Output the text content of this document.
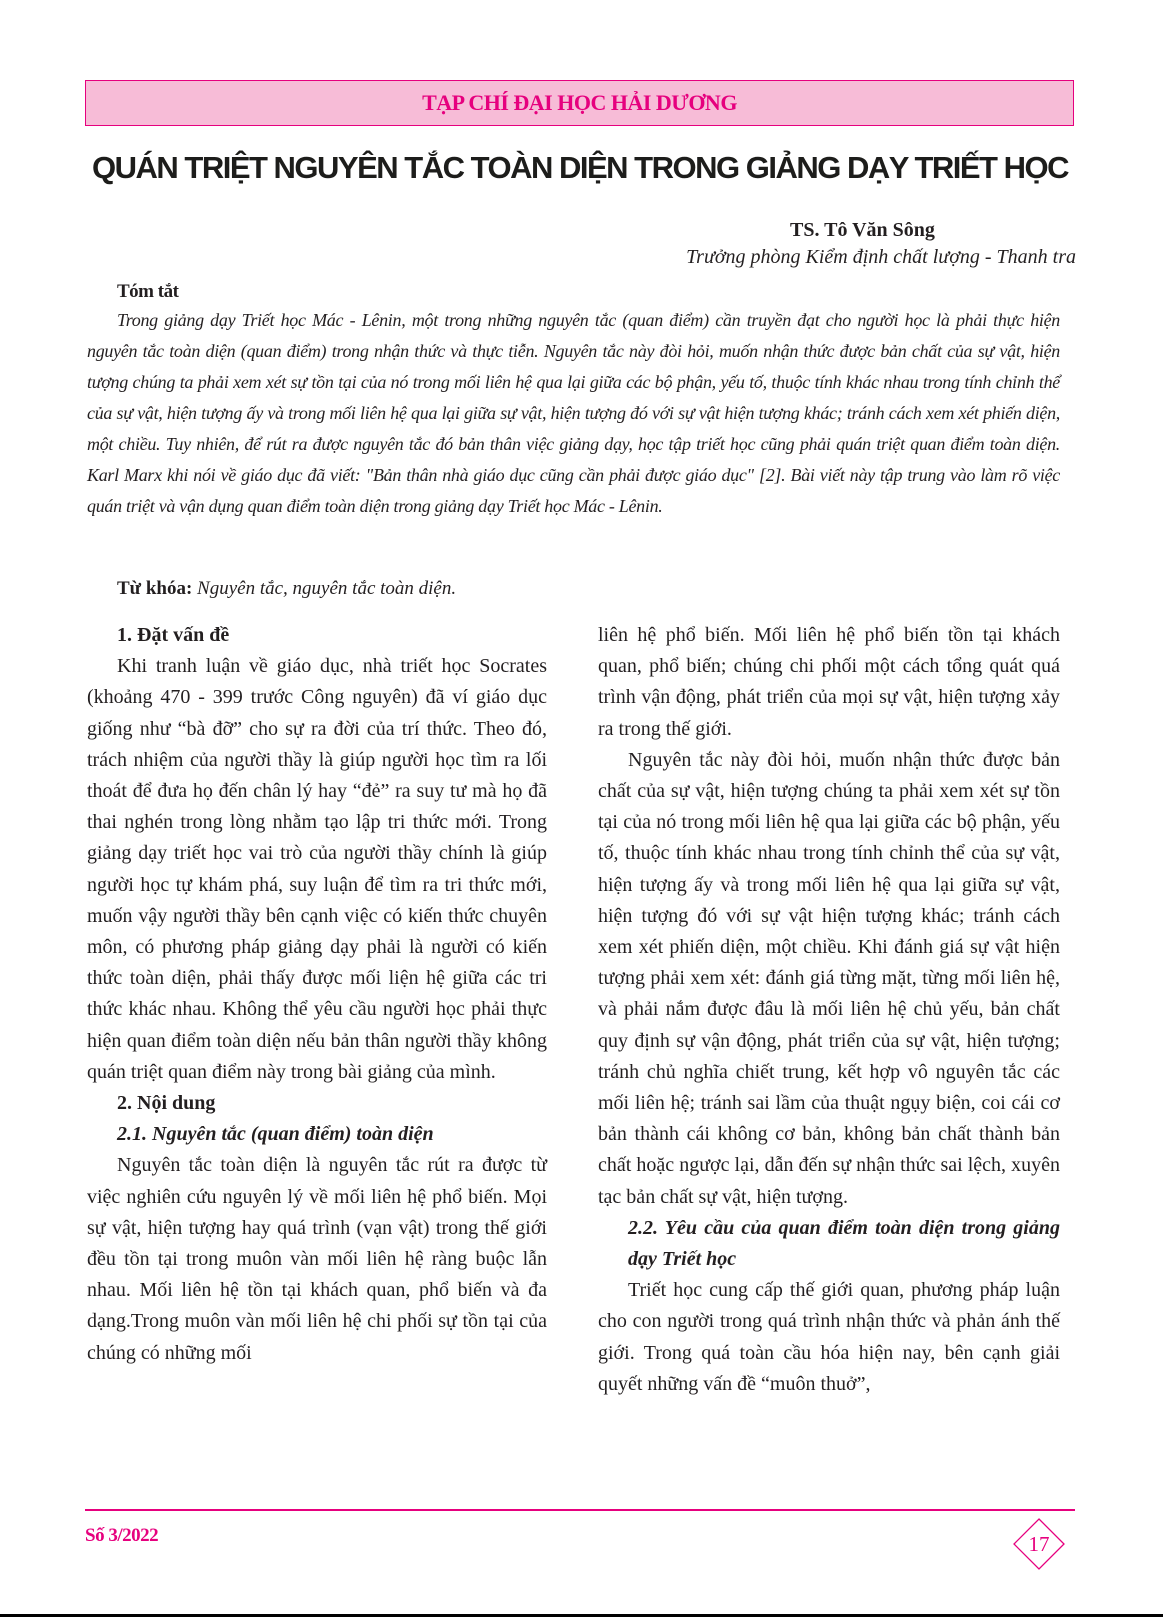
TẠP CHÍ ĐẠI HỌC HẢI DƯƠNG
QUÁN TRIỆT NGUYÊN TẮC TOÀN DIỆN TRONG GIẢNG DẠY TRIẾT HỌC
TS. Tô Văn Sông
Trưởng phòng Kiểm định chất lượng - Thanh tra
Tóm tắt
Trong giảng dạy Triết học Mác - Lênin, một trong những nguyên tắc (quan điểm) cần truyền đạt cho người học là phải thực hiện nguyên tắc toàn diện (quan điểm) trong nhận thức và thực tiễn. Nguyên tắc này đòi hỏi, muốn nhận thức được bản chất của sự vật, hiện tượng chúng ta phải xem xét sự tồn tại của nó trong mối liên hệ qua lại giữa các bộ phận, yếu tố, thuộc tính khác nhau trong tính chỉnh thể của sự vật, hiện tượng ấy và trong mối liên hệ qua lại giữa sự vật, hiện tượng đó với sự vật hiện tượng khác; tránh cách xem xét phiến diện, một chiều. Tuy nhiên, để rút ra được nguyên tắc đó bản thân việc giảng dạy, học tập triết học cũng phải quán triệt quan điểm toàn diện. Karl Marx khi nói về giáo dục đã viết: "Bản thân nhà giáo dục cũng cần phải được giáo dục" [2]. Bài viết này tập trung vào làm rõ việc quán triệt và vận dụng quan điểm toàn diện trong giảng dạy Triết học Mác - Lênin.
Từ khóa: Nguyên tắc, nguyên tắc toàn diện.
1. Đặt vấn đề

Khi tranh luận về giáo dục, nhà triết học Socrates (khoảng 470 - 399 trước Công nguyên) đã ví giáo dục giống như “bà đỡ” cho sự ra đời của trí thức. Theo đó, trách nhiệm của người thầy là giúp người học tìm ra lối thoát để đưa họ đến chân lý hay “đẻ” ra suy tư mà họ đã thai nghén trong lòng nhằm tạo lập tri thức mới. Trong giảng dạy triết học vai trò của người thầy chính là giúp người học tự khám phá, suy luận để tìm ra tri thức mới, muốn vậy người thầy bên cạnh việc có kiến thức chuyên môn, có phương pháp giảng dạy phải là người có kiến thức toàn diện, phải thấy được mối liện hệ giữa các tri thức khác nhau. Không thể yêu cầu người học phải thực hiện quan điểm toàn diện nếu bản thân người thầy không quán triệt quan điểm này trong bài giảng của mình.

2. Nội dung
2.1. Nguyên tắc (quan điểm) toàn diện

Nguyên tắc toàn diện là nguyên tắc rút ra được từ việc nghiên cứu nguyên lý về mối liên hệ phổ biến. Mọi sự vật, hiện tượng hay quá trình (vạn vật) trong thế giới đều tồn tại trong muôn vàn mối liên hệ ràng buộc lẫn nhau. Mối liên hệ tồn tại khách quan, phổ biến và đa dạng.Trong muôn vàn mối liên hệ chi phối sự tồn tại của chúng có những mối

liên hệ phổ biến. Mối liên hệ phổ biến tồn tại khách quan, phổ biến; chúng chi phối một cách tổng quát quá trình vận động, phát triển của mọi sự vật, hiện tượng xảy ra trong thế giới.

Nguyên tắc này đòi hỏi, muốn nhận thức được bản chất của sự vật, hiện tượng chúng ta phải xem xét sự tồn tại của nó trong mối liên hệ qua lại giữa các bộ phận, yếu tố, thuộc tính khác nhau trong tính chỉnh thể của sự vật, hiện tượng ấy và trong mối liên hệ qua lại giữa sự vật, hiện tượng đó với sự vật hiện tượng khác; tránh cách xem xét phiến diện, một chiều. Khi đánh giá sự vật hiện tượng phải xem xét: đánh giá từng mặt, từng mối liên hệ, và phải nắm được đâu là mối liên hệ chủ yếu, bản chất quy định sự vận động, phát triển của sự vật, hiện tượng; tránh chủ nghĩa chiết trung, kết hợp vô nguyên tắc các mối liên hệ; tránh sai lầm của thuật ngụy biện, coi cái cơ bản thành cái không cơ bản, không bản chất thành bản chất hoặc ngược lại, dẫn đến sự nhận thức sai lệch, xuyên tạc bản chất sự vật, hiện tượng.

2.2. Yêu cầu của quan điểm toàn diện trong giảng dạy Triết học

Triết học cung cấp thế giới quan, phương pháp luận cho con người trong quá trình nhận thức và phản ánh thế giới. Trong quá toàn cầu hóa hiện nay, bên cạnh giải quyết những vấn đề “muôn thuở”,

Số 3/2022	17
